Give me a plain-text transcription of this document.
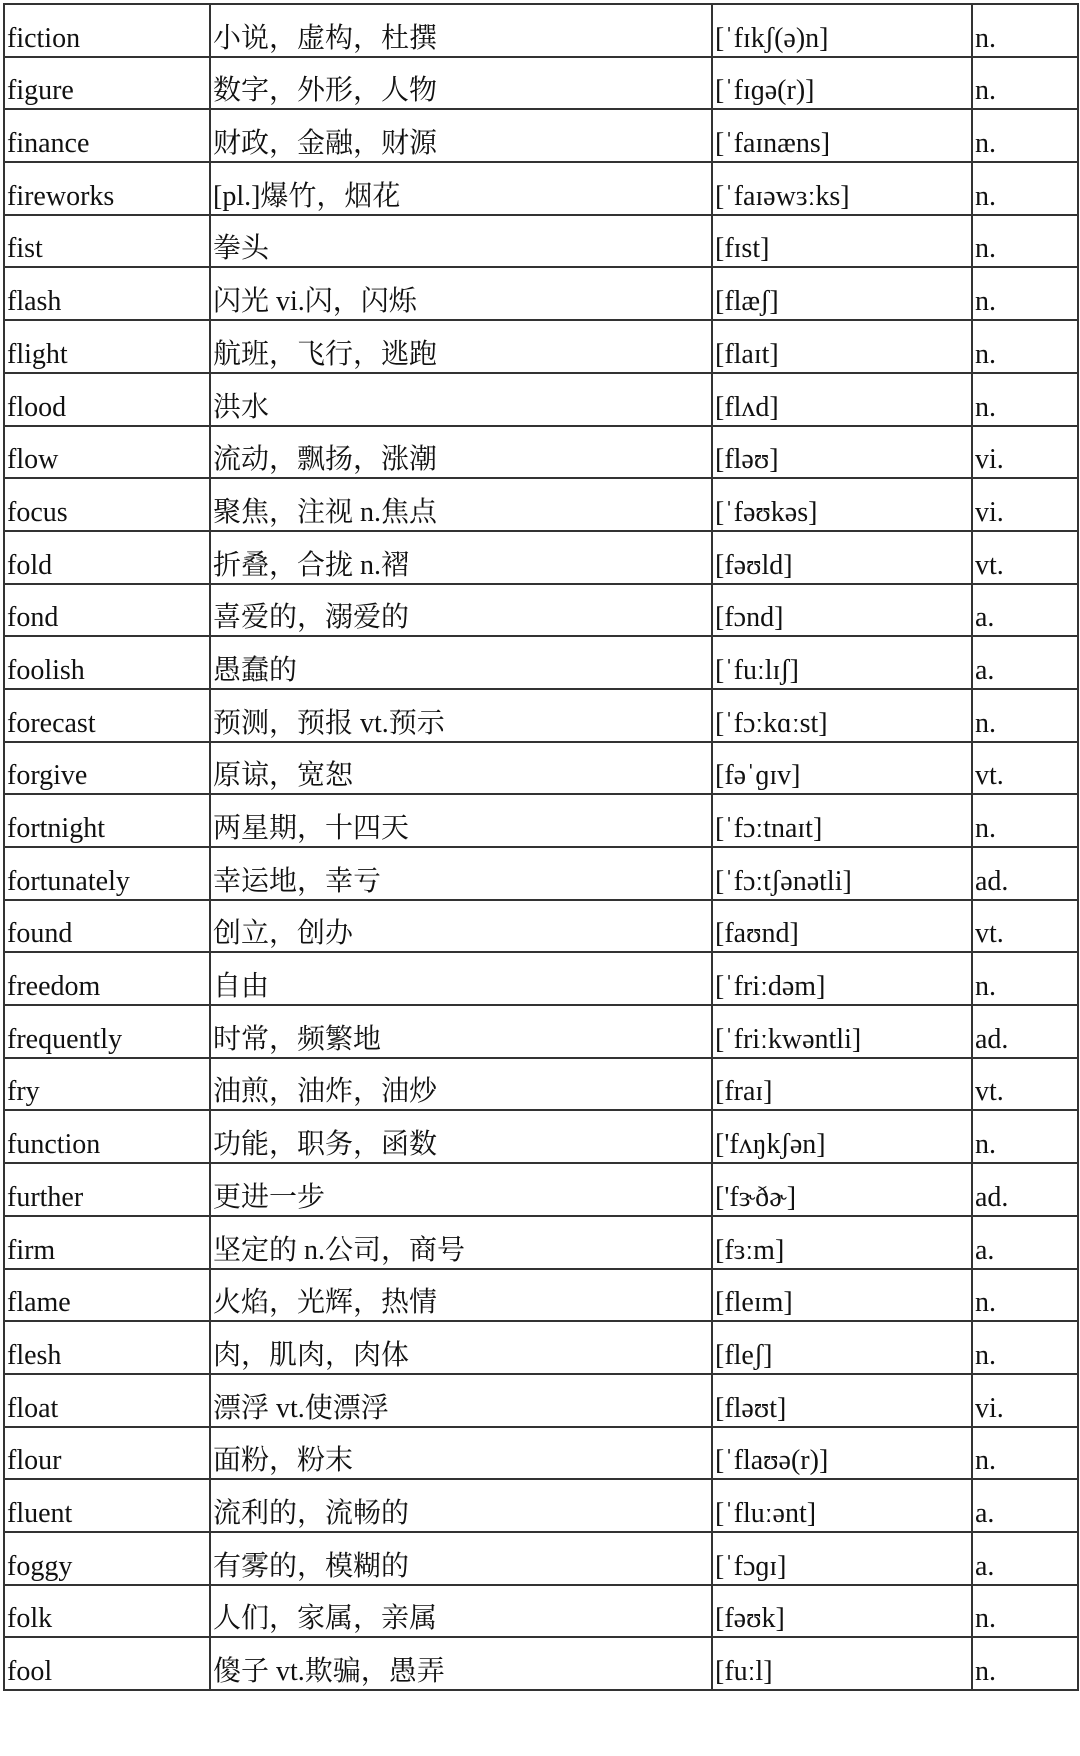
fiction	小说，虚构，杜撰	[ˈfɪkʃ(ə)n]	n.
figure	数字，外形，人物	[ˈfɪɡə(r)]	n.
finance	财政，金融，财源	[ˈfaɪnæns]	n.
fireworks	[pl.]爆竹，烟花	[ˈfaɪəwɜːks]	n.
fist	拳头	[fɪst]	n.
flash	闪光 vi.闪，闪烁	[flæʃ]	n.
flight	航班，飞行，逃跑	[flaɪt]	n.
flood	洪水	[flʌd]	n.
flow	流动，飘扬，涨潮	[fləʊ]	vi.
focus	聚焦，注视 n.焦点	[ˈfəʊkəs]	vi.
fold	折叠，合拢 n.褶	[fəʊld]	vt.
fond	喜爱的，溺爱的	[fɔnd]	a.
foolish	愚蠢的	[ˈfuːlɪʃ]	a.
forecast	预测，预报 vt.预示	[ˈfɔːkɑːst]	n.
forgive	原谅，宽恕	[fəˈɡɪv]	vt.
fortnight	两星期，十四天	[ˈfɔːtnaɪt]	n.
fortunately	幸运地，幸亏	[ˈfɔːtʃənətli]	ad.
found	创立，创办	[faʊnd]	vt.
freedom	自由	[ˈfriːdəm]	n.
frequently	时常，频繁地	[ˈfriːkwəntli]	ad.
fry	油煎，油炸，油炒	[fraɪ]	vt.
function	功能，职务，函数	['fʌŋkʃən]	n.
further	更进一步	['fɝðɚ]	ad.
firm	坚定的 n.公司，商号	[fɜːm]	a.
flame	火焰，光辉，热情	[fleɪm]	n.
flesh	肉，肌肉，肉体	[fleʃ]	n.
float	漂浮 vt.使漂浮	[fləʊt]	vi.
flour	面粉，粉末	[ˈflaʊə(r)]	n.
fluent	流利的，流畅的	[ˈfluːənt]	a.
foggy	有雾的，模糊的	[ˈfɔɡɪ]	a.
folk	人们，家属，亲属	[fəʊk]	n.
fool	傻子 vt.欺骗，愚弄	[fuːl]	n.
